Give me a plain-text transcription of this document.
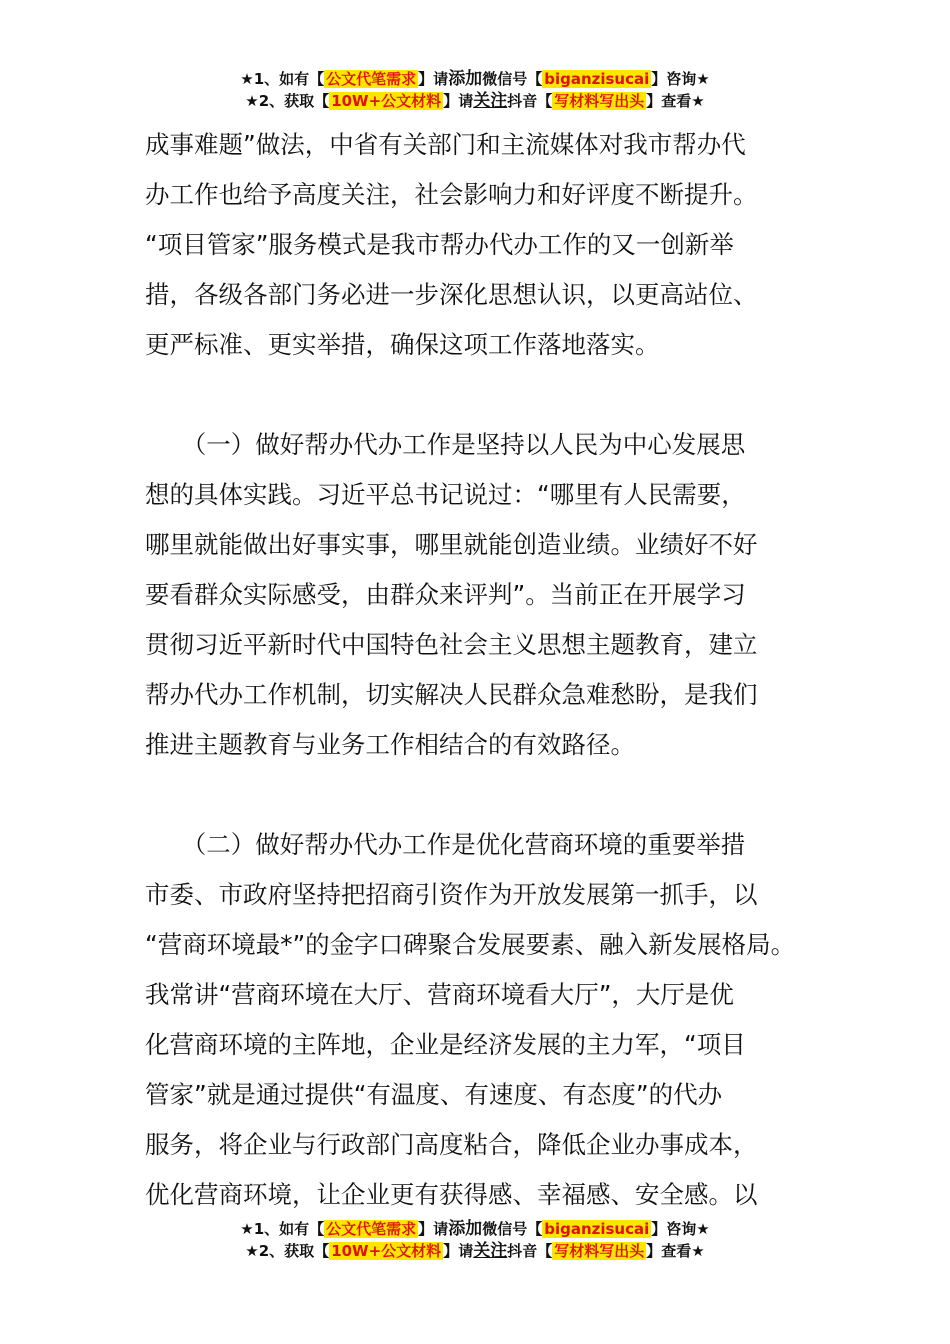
★1、如有【 公文代笔需求 】请添加微信号【 biganzisucai 】咨询★
★2、获取【 10W+公文材料 】请关注抖音【 写材料写出头 】查看★
成事难题”做法，中省有关部门和主流媒体对我市帮办代
办工作也给予高度关注，社会影响力和好评度不断提升。
“项目管家”服务模式是我市帮办代办工作的又一创新举
措，各级各部门务必进一步深化思想认识，以更高站位、
更严标准、更实举措，确保这项工作落地落实。
　　（一）做好帮办代办工作是坚持以人民为中心发展思
想的具体实践。习近平总书记说过：“哪里有人民需要，
哪里就能做出好事实事，哪里就能创造业绩。业绩好不好
要看群众实际感受，由群众来评判”。当前正在开展学习
贯彻习近平新时代中国特色社会主义思想主题教育，建立
帮办代办工作机制，切实解决人民群众急难愁盼，是我们
推进主题教育与业务工作相结合的有效路径。
　　（二）做好帮办代办工作是优化营商环境的重要举措
市委、市政府坚持把招商引资作为开放发展第一抓手，以
“营商环境最*”的金字口碑聚合发展要素、融入新发展格局。
我常讲“营商环境在大厅、营商环境看大厅”，大厅是优
化营商环境的主阵地，企业是经济发展的主力军，“项目
管家”就是通过提供“有温度、有速度、有态度”的代办
服务，将企业与行政部门高度粘合，降低企业办事成本，
优化营商环境，让企业更有获得感、幸福感、安全感。以
★1、如有【 公文代笔需求 】请添加微信号【 biganzisucai 】咨询★
★2、获取【 10W+公文材料 】请关注抖音【 写材料写出头 】查看★
